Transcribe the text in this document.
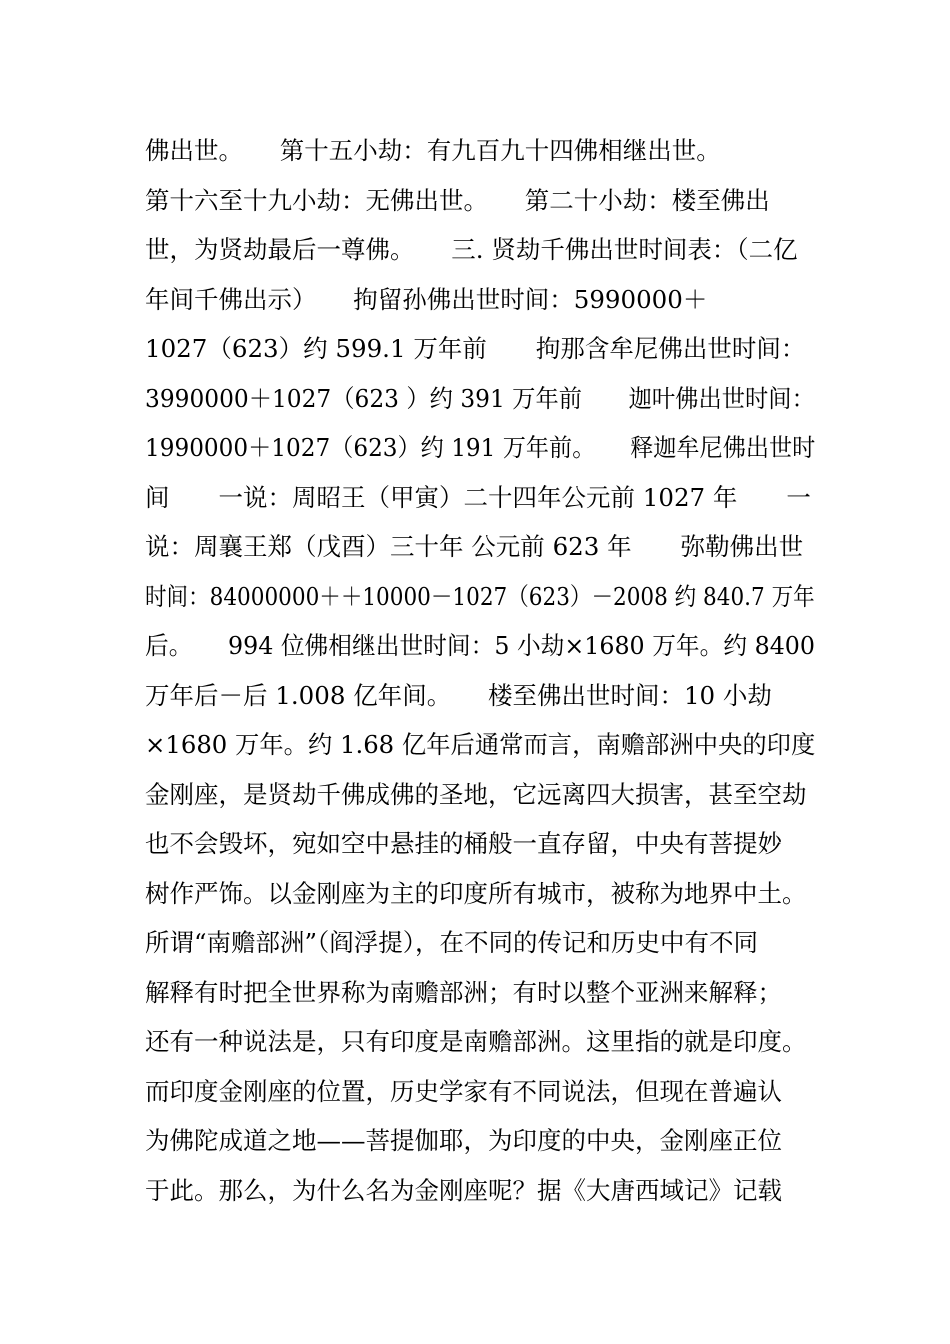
佛出世。　　第十五小劫：有九百九十四佛相继出世。
第十六至十九小劫：无佛出世。　　第二十小劫：楼至佛出
世，为贤劫最后一尊佛。　　三. 贤劫千佛出世时间表：（二亿
年间千佛出示）　　拘留孙佛出世时间：5990000＋
1027（623）约 599.1 万年前　　拘那含牟尼佛出世时间：
3990000＋1027（623 ）约 391 万年前　　迦叶佛出世时间：
1990000＋1027（623）约 191 万年前。　　释迦牟尼佛出世时
间　　一说：周昭王（甲寅）二十四年公元前 1027 年　　一
说：周襄王郑（戊酉）三十年 公元前 623 年　　弥勒佛出世
时间：84000000＋＋10000－1027（623）－2008 约 840.7 万年
后。　　994 位佛相继出世时间：5 小劫×1680 万年。约 8400
万年后－后 1.008 亿年间。　　楼至佛出世时间：10 小劫
×1680 万年。约 1.68 亿年后通常而言，南赡部洲中央的印度
金刚座，是贤劫千佛成佛的圣地，它远离四大损害，甚至空劫
也不会毁坏，宛如空中悬挂的桶般一直存留，中央有菩提妙
树作严饰。以金刚座为主的印度所有城市，被称为地界中土。
所谓“南赡部洲”（阎浮提），在不同的传记和历史中有不同
解释有时把全世界称为南赡部洲；有时以整个亚洲来解释；
还有一种说法是，只有印度是南赡部洲。这里指的就是印度。
而印度金刚座的位置，历史学家有不同说法，但现在普遍认
为佛陀成道之地——菩提伽耶，为印度的中央，金刚座正位
于此。那么，为什么名为金刚座呢？据《大唐西域记》记载
